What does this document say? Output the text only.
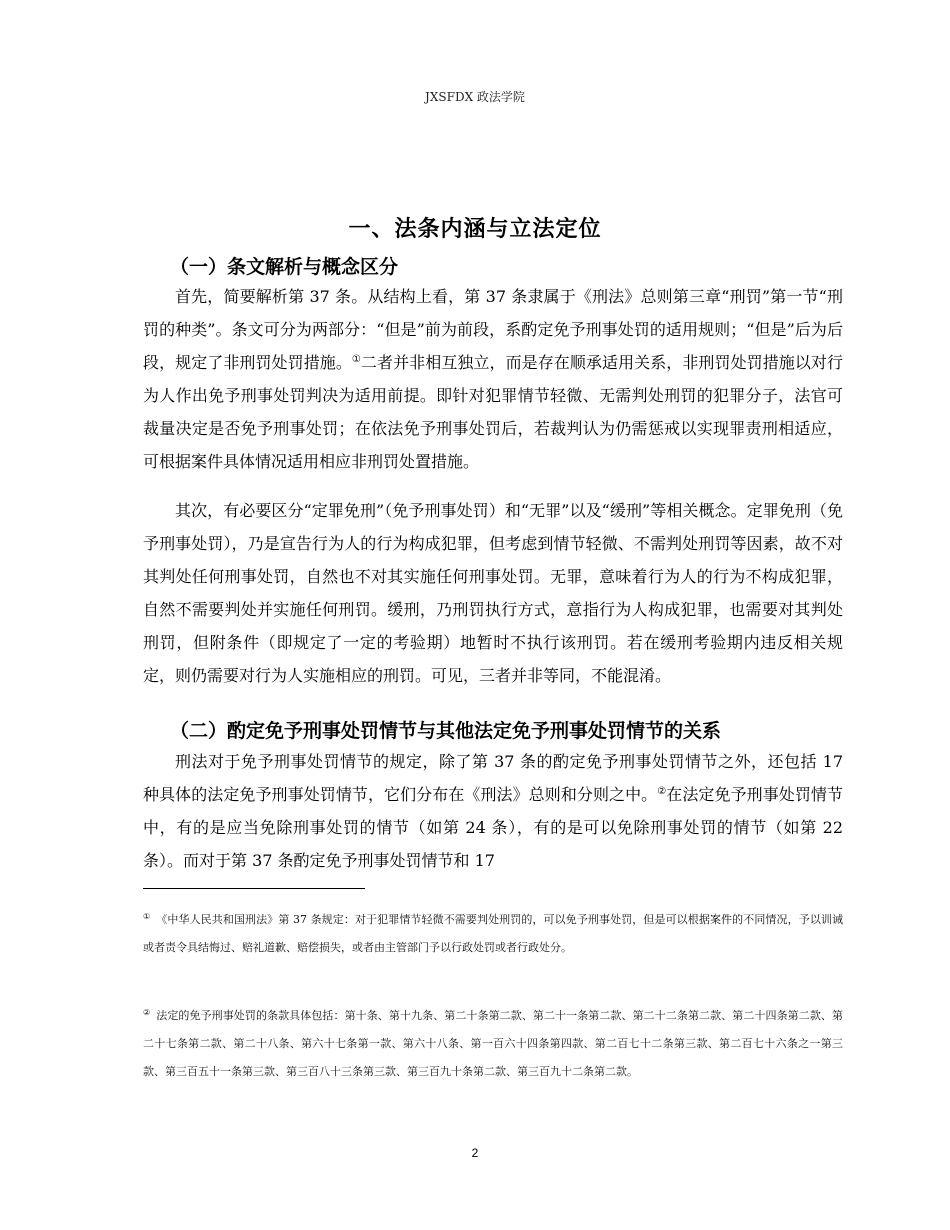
JXSFDX 政法学院
一、法条内涵与立法定位
（一）条文解析与概念区分

首先，简要解析第 37 条。从结构上看，第 37 条隶属于《刑法》总则第三章“刑罚”第一节“刑罚的种类”。条文可分为两部分：“但是”前为前段，系酌定免予刑事处罚的适用规则；“但是”后为后段，规定了非刑罚处罚措施。①二者并非相互独立，而是存在顺承适用关系，非刑罚处罚措施以对行为人作出免予刑事处罚判决为适用前提。即针对犯罪情节轻微、无需判处刑罚的犯罪分子，法官可裁量决定是否免予刑事处罚；在依法免予刑事处罚后，若裁判认为仍需惩戒以实现罪责刑相适应，可根据案件具体情况适用相应非刑罚处置措施。

其次，有必要区分“定罪免刑”（免予刑事处罚）和“无罪”以及“缓刑”等相关概念。定罪免刑（免予刑事处罚），乃是宣告行为人的行为构成犯罪，但考虑到情节轻微、不需判处刑罚等因素，故不对其判处任何刑事处罚，自然也不对其实施任何刑事处罚。无罪，意味着行为人的行为不构成犯罪，自然不需要判处并实施任何刑罚。缓刑，乃刑罚执行方式，意指行为人构成犯罪，也需要对其判处刑罚，但附条件（即规定了一定的考验期）地暂时不执行该刑罚。若在缓刑考验期内违反相关规定，则仍需要对行为人实施相应的刑罚。可见，三者并非等同，不能混淆。

（二）酌定免予刑事处罚情节与其他法定免予刑事处罚情节的关系

刑法对于免予刑事处罚情节的规定，除了第 37 条的酌定免予刑事处罚情节之外，还包括 17 种具体的法定免予刑事处罚情节，它们分布在《刑法》总则和分则之中。②在法定免予刑事处罚情节中，有的是应当免除刑事处罚的情节（如第 24 条），有的是可以免除刑事处罚的情节（如第 22 条）。而对于第 37 条酌定免予刑事处罚情节和 17

① 《中华人民共和国刑法》第 37 条规定：对于犯罪情节轻微不需要判处刑罚的，可以免予刑事处罚，但是可以根据案件的不同情况，予以训诫或者责令具结悔过、赔礼道歉、赔偿损失，或者由主管部门予以行政处罚或者行政处分。

② 法定的免予刑事处罚的条款具体包括：第十条、第十九条、第二十条第二款、第二十一条第二款、第二十二条第二款、第二十四条第二款、第二十七条第二款、第二十八条、第六十七条第一款、第六十八条、第一百六十四条第四款、第二百七十二条第三款、第二百七十六条之一第三款、第三百五十一条第三款、第三百八十三条第三款、第三百九十条第二款、第三百九十二条第二款。

2
